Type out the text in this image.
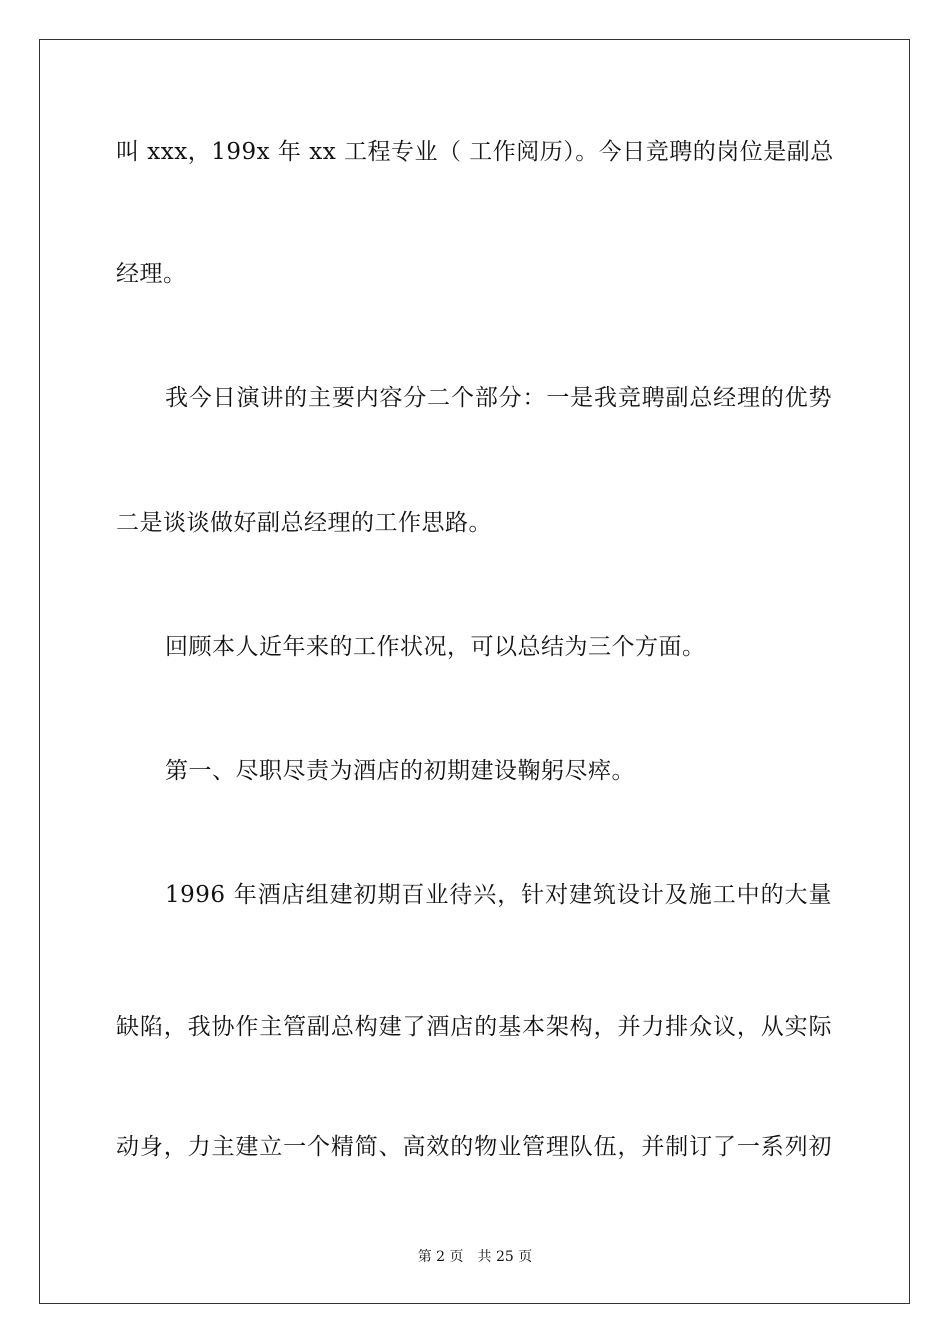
叫 xxx，199x 年 xx 工程专业（ 工作阅历）。今日竞聘的岗位是副总
经理。
我今日演讲的主要内容分二个部分：一是我竞聘副总经理的优势
二是谈谈做好副总经理的工作思路。
回顾本人近年来的工作状况，可以总结为三个方面。
第一、尽职尽责为酒店的初期建设鞠躬尽瘁。
1996 年酒店组建初期百业待兴，针对建筑设计及施工中的大量
缺陷，我协作主管副总构建了酒店的基本架构，并力排众议，从实际
动身，力主建立一个精简、高效的物业管理队伍，并制订了一系列初
第 2 页 共 25 页
